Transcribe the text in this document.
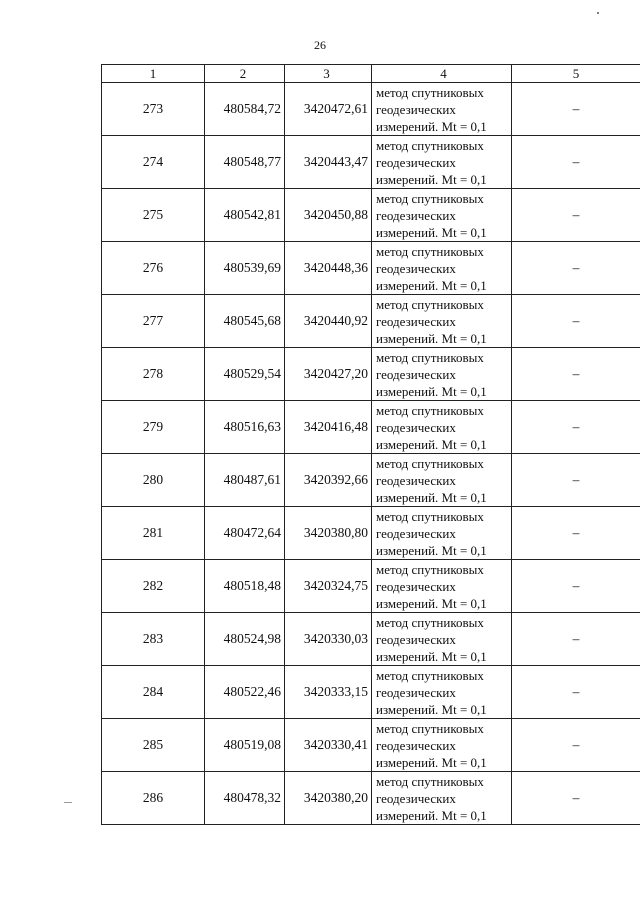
26
1	2	3	4	5
273	480584,72	3420472,61	метод спутниковых
геодезических
измерений. Mt = 0,1	–
274	480548,77	3420443,47	метод спутниковых
геодезических
измерений. Mt = 0,1	–
275	480542,81	3420450,88	метод спутниковых
геодезических
измерений. Mt = 0,1	–
276	480539,69	3420448,36	метод спутниковых
геодезических
измерений. Mt = 0,1	–
277	480545,68	3420440,92	метод спутниковых
геодезических
измерений. Mt = 0,1	–
278	480529,54	3420427,20	метод спутниковых
геодезических
измерений. Mt = 0,1	–
279	480516,63	3420416,48	метод спутниковых
геодезических
измерений. Mt = 0,1	–
280	480487,61	3420392,66	метод спутниковых
геодезических
измерений. Mt = 0,1	–
281	480472,64	3420380,80	метод спутниковых
геодезических
измерений. Mt = 0,1	–
282	480518,48	3420324,75	метод спутниковых
геодезических
измерений. Mt = 0,1	–
283	480524,98	3420330,03	метод спутниковых
геодезических
измерений. Mt = 0,1	–
284	480522,46	3420333,15	метод спутниковых
геодезических
измерений. Mt = 0,1	–
285	480519,08	3420330,41	метод спутниковых
геодезических
измерений. Mt = 0,1	–
286	480478,32	3420380,20	метод спутниковых
геодезических
измерений. Mt = 0,1	–
